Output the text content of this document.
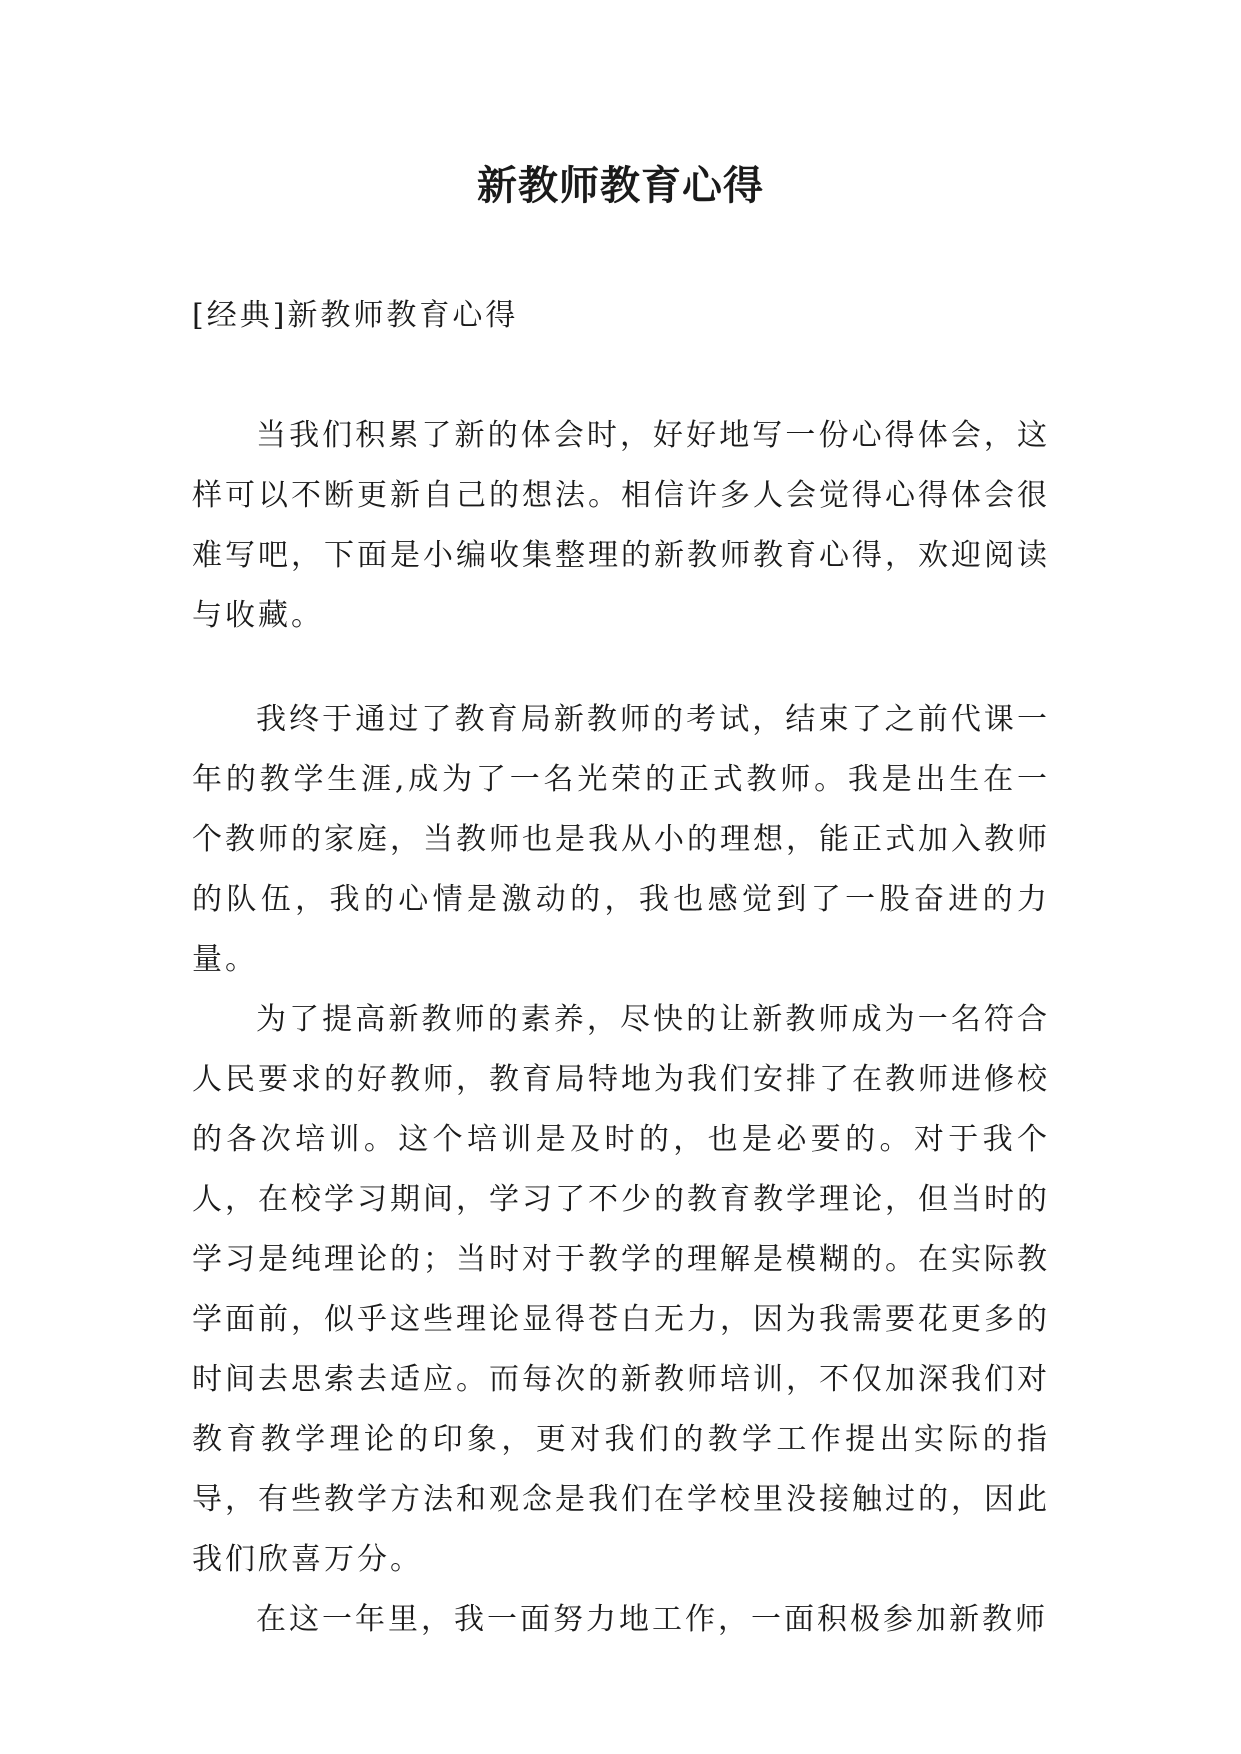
新教师教育心得
[经典]新教师教育心得

当我们积累了新的体会时，好好地写一份心得体会，这样可以不断更新自己的想法。相信许多人会觉得心得体会很难写吧，下面是小编收集整理的新教师教育心得，欢迎阅读与收藏。

我终于通过了教育局新教师的考试，结束了之前代课一年的教学生涯,成为了一名光荣的正式教师。我是出生在一个教师的家庭，当教师也是我从小的理想，能正式加入教师的队伍，我的心情是激动的，我也感觉到了一股奋进的力量。

为了提高新教师的素养，尽快的让新教师成为一名符合人民要求的好教师，教育局特地为我们安排了在教师进修校的各次培训。这个培训是及时的，也是必要的。对于我个人，在校学习期间，学习了不少的教育教学理论，但当时的学习是纯理论的；当时对于教学的理解是模糊的。在实际教学面前，似乎这些理论显得苍白无力，因为我需要花更多的时间去思索去适应。而每次的新教师培训，不仅加深我们对教育教学理论的印象，更对我们的教学工作提出实际的指导，有些教学方法和观念是我们在学校里没接触过的，因此我们欣喜万分。

在这一年里，我一面努力地工作，一面积极参加新教师
